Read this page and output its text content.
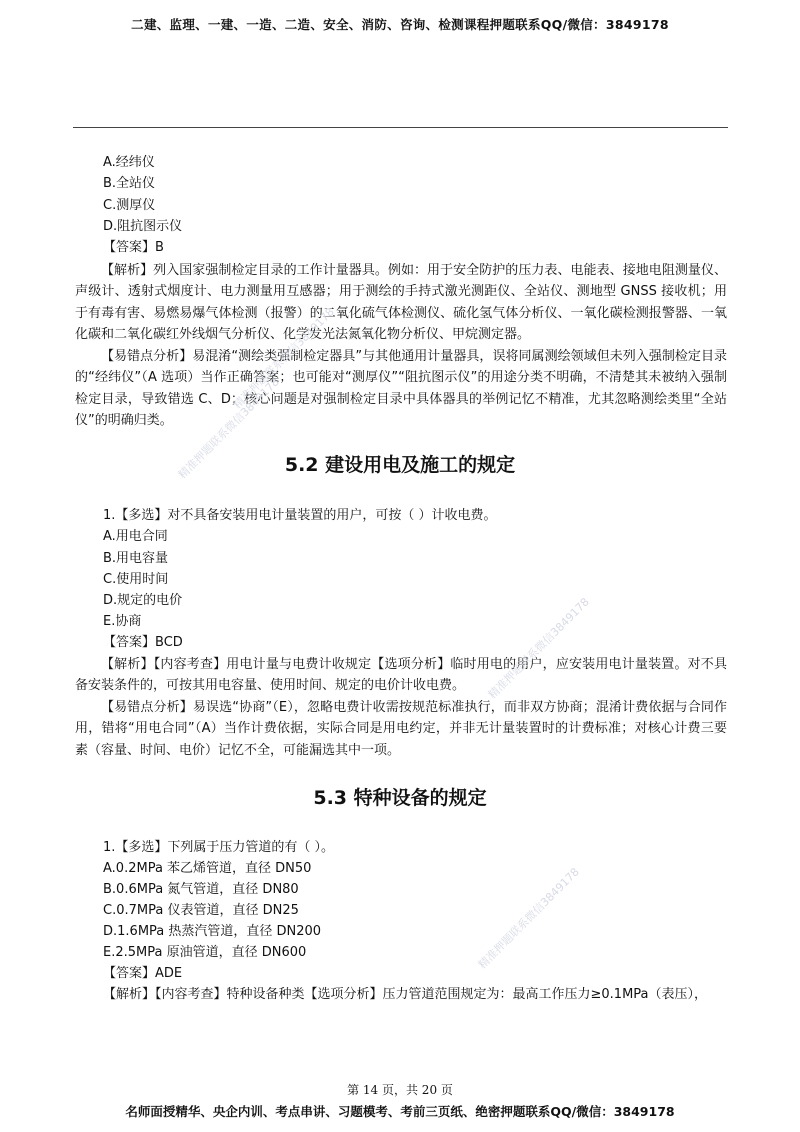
二建、监理、一建、一造、二造、安全、消防、咨询、检测课程押题联系QQ/微信：3849178
A.经纬仪
B.全站仪
C.测厚仪
D.阻抗图示仪
【答案】B
【解析】列入国家强制检定目录的工作计量器具。例如：用于安全防护的压力表、电能表、接地电阻测量仪、声级计、透射式烟度计、电力测量用互感器；用于测绘的手持式激光测距仪、全站仪、测地型 GNSS 接收机；用于有毒有害、易燃易爆气体检测（报警）的二氧化硫气体检测仪、硫化氢气体分析仪、一氧化碳检测报警器、一氧化碳和二氧化碳红外线烟气分析仪、化学发光法氮氧化物分析仪、甲烷测定器。
【易错点分析】易混淆“测绘类强制检定器具”与其他通用计量器具，误将同属测绘领域但未列入强制检定目录的“经纬仪”（A 选项）当作正确答案；也可能对“测厚仪”“阻抗图示仪”的用途分类不明确，不清楚其未被纳入强制检定目录，导致错选 C、D；核心问题是对强制检定目录中具体器具的举例记忆不精准，尤其忽略测绘类里“全站仪”的明确归类。
5.2 建设用电及施工的规定
1.【多选】对不具备安装用电计量装置的用户，可按（ ）计收电费。
A.用电合同
B.用电容量
C.使用时间
D.规定的电价
E.协商
【答案】BCD
【解析】【内容考查】用电计量与电费计收规定【选项分析】临时用电的用户，应安装用电计量装置。对不具备安装条件的，可按其用电容量、使用时间、规定的电价计收电费。
【易错点分析】易误选“协商”（E），忽略电费计收需按规范标准执行，而非双方协商；混淆计费依据与合同作用，错将“用电合同”（A）当作计费依据，实际合同是用电约定，并非无计量装置时的计费标准；对核心计费三要素（容量、时间、电价）记忆不全，可能漏选其中一项。
5.3 特种设备的规定
1.【多选】下列属于压力管道的有（ ）。
A.0.2MPa 苯乙烯管道，直径 DN50
B.0.6MPa 氮气管道，直径 DN80
C.0.7MPa 仪表管道，直径 DN25
D.1.6MPa 热蒸汽管道，直径 DN200
E.2.5MPa 原油管道，直径 DN600
【答案】ADE
【解析】【内容考查】特种设备种类【选项分析】压力管道范围规定为：最高工作压力≥0.1MPa（表压），
精准押题联系微信3849178
精准押题联系微信3849178
精准押题联系微信3849178
精准押题联系微信3849178
第 14 页，共 20 页
名师面授精华、央企内训、考点串讲、习题模考、考前三页纸、绝密押题联系QQ/微信：3849178
